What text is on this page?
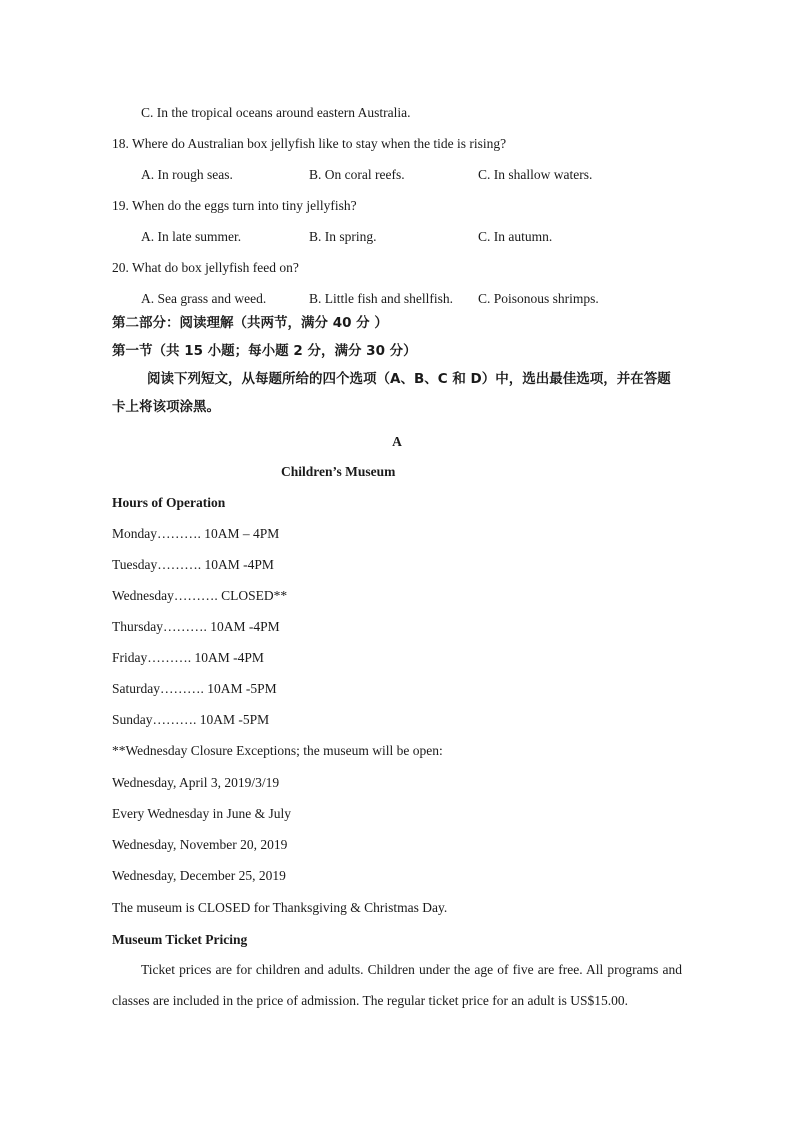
C. In the tropical oceans around eastern Australia.
18. Where do Australian box jellyfish like to stay when the tide is rising?
A. In rough seas.	B. On coral reefs.	C. In shallow waters.
19. When do the eggs turn into tiny jellyfish?
A. In late summer.	B. In spring.	C. In autumn.
20. What do box jellyfish feed on?
A. Sea grass and weed.	B. Little fish and shellfish. C. Poisonous shrimps.
第二部分：阅读理解（共两节，满分 40 分 ）
第一节（共 15 小题；每小题 2 分，满分 30 分）
阅读下列短文，从每题所给的四个选项（A、B、C 和 D）中，选出最佳选项，并在答题
卡上将该项涂黑。
A
Children’s Museum
Hours of Operation
Monday………. 10AM – 4PM
Tuesday………. 10AM -4PM
Wednesday………. CLOSED**
Thursday………. 10AM -4PM
Friday………. 10AM -4PM
Saturday………. 10AM -5PM
Sunday………. 10AM -5PM
**Wednesday Closure Exceptions; the museum will be open:
Wednesday, April 3, 2019/3/19
Every Wednesday in June & July
Wednesday, November 20, 2019
Wednesday, December 25, 2019
The museum is CLOSED for Thanksgiving & Christmas Day.
Museum Ticket Pricing
Ticket prices are for children and adults. Children under the age of five are free. All programs and classes are included in the price of admission. The regular ticket price for an adult is US$15.00.
